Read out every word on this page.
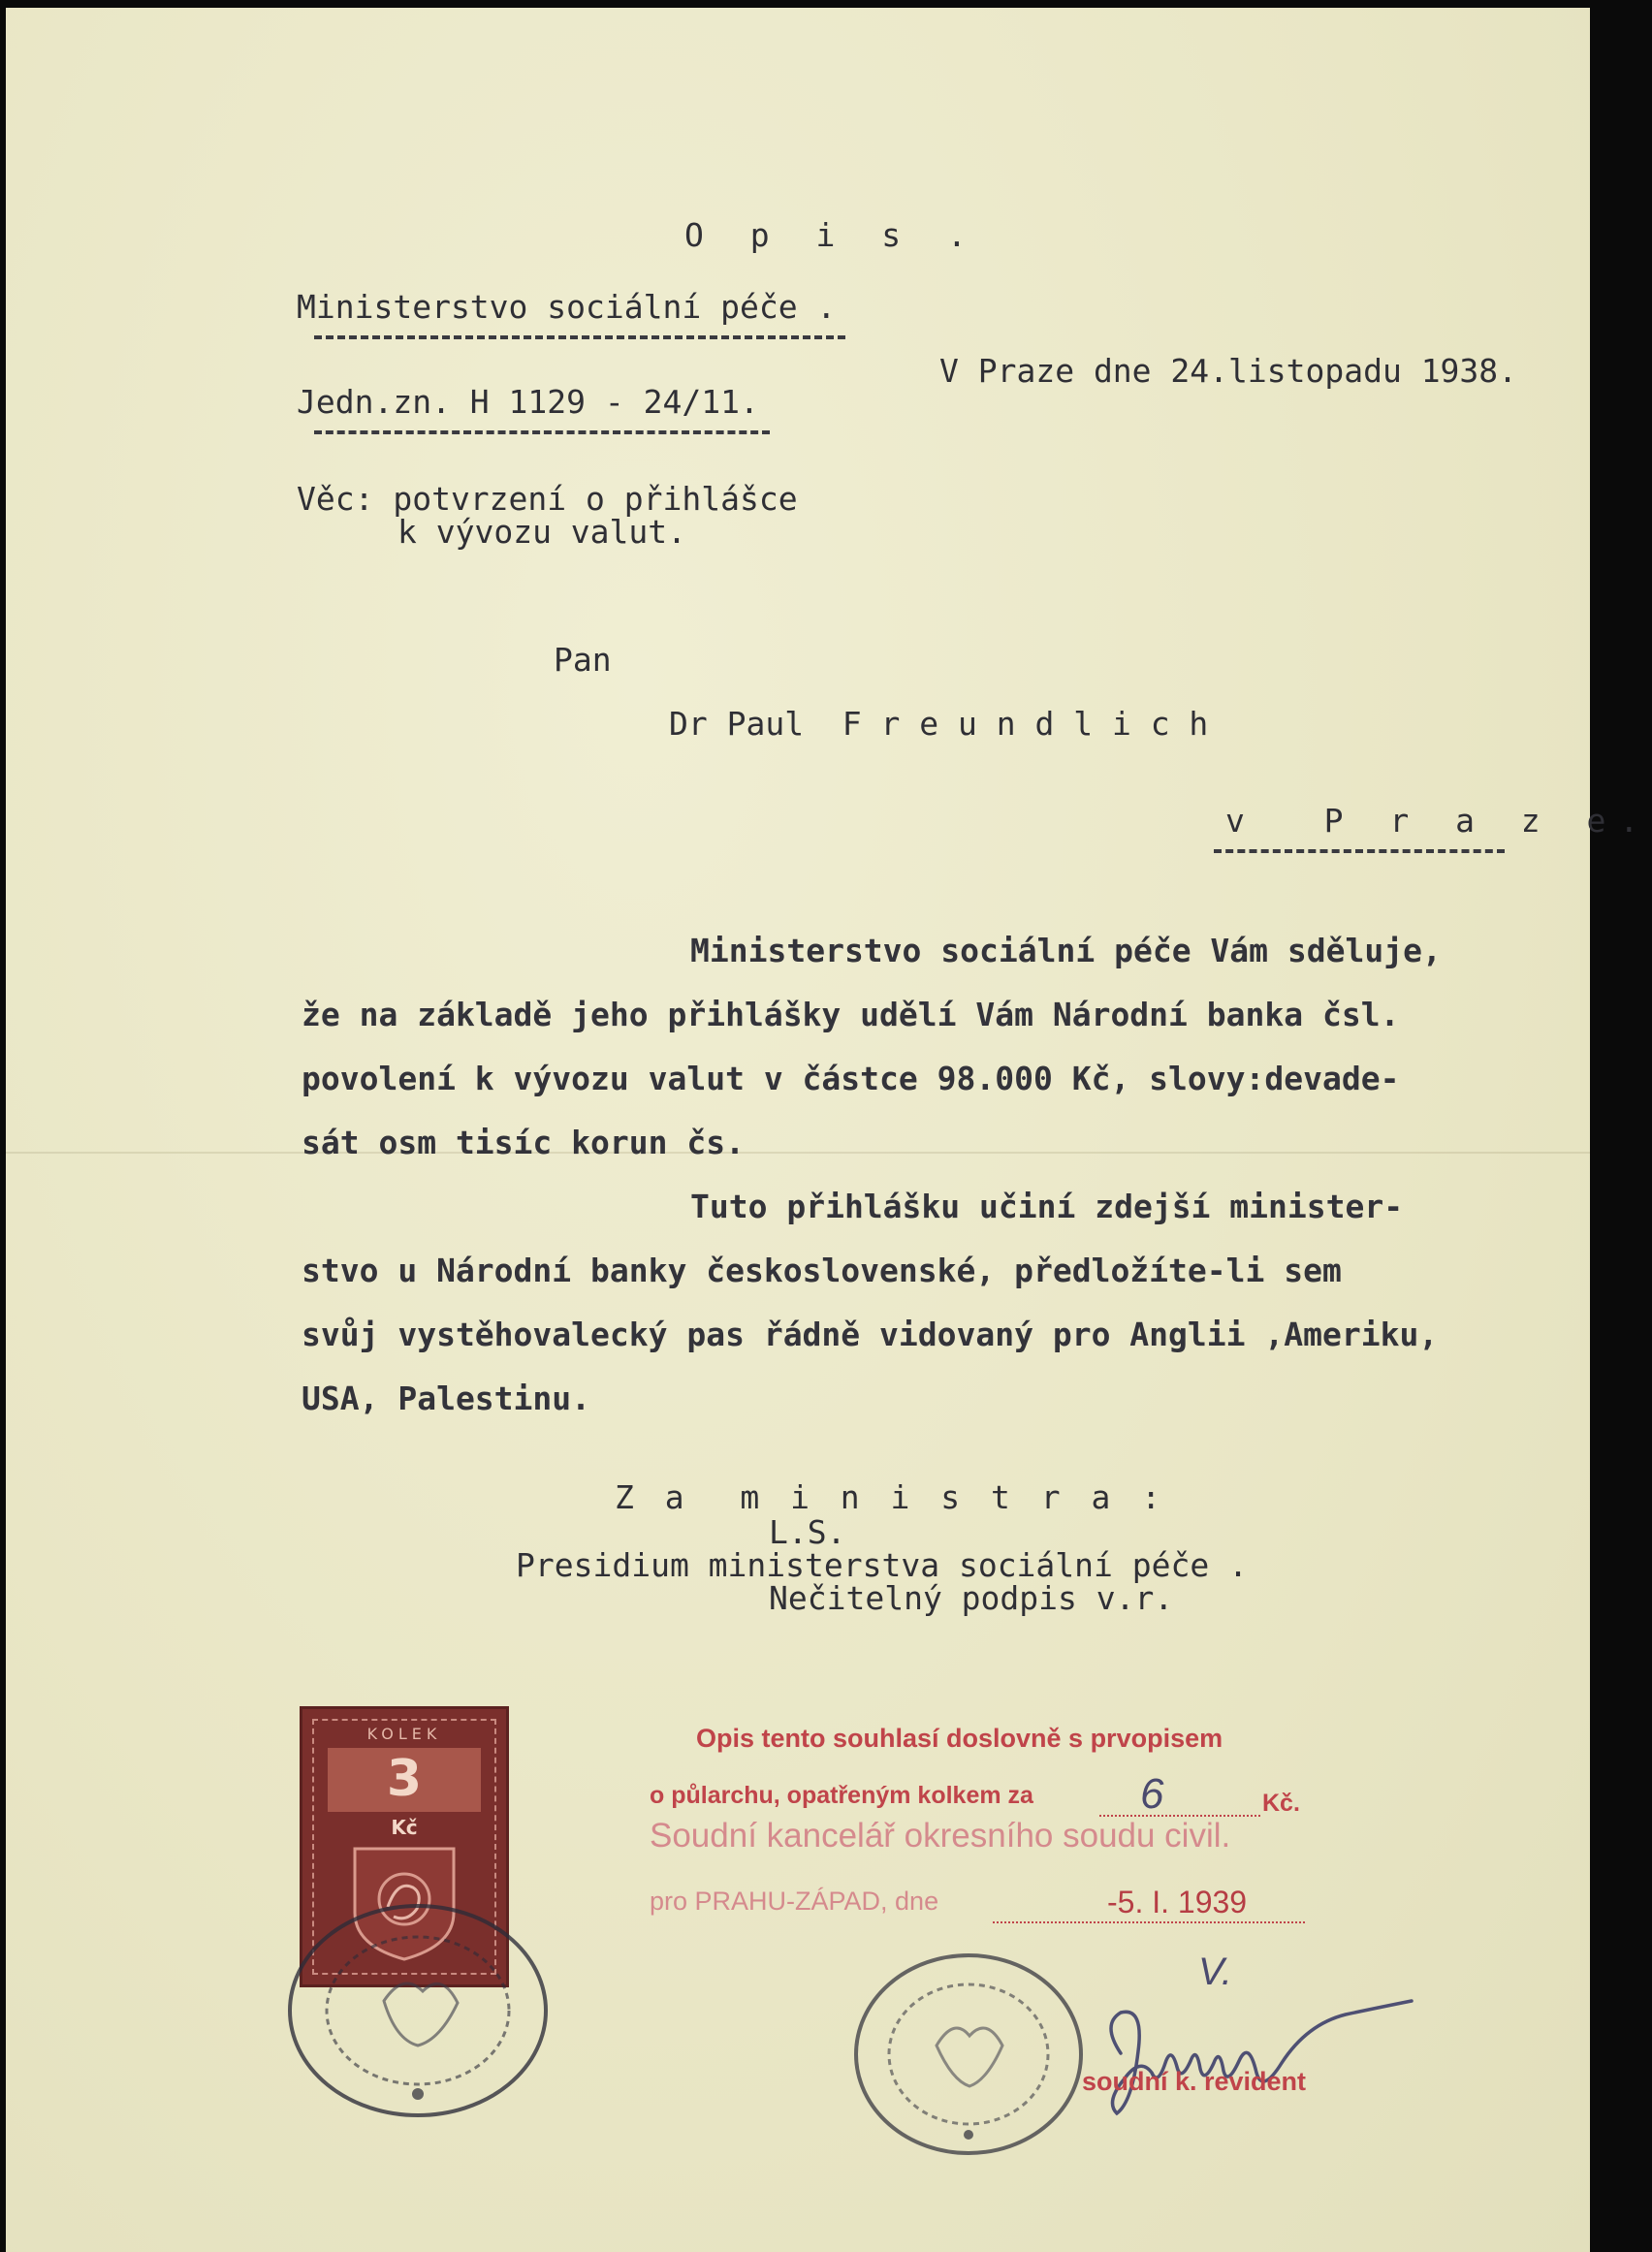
O p i s .
Ministerstvo sociální péče .
Jedn.zn. H 1129 - 24/11.
V Praze dne 24.listopadu 1938.
Věc: potvrzení o přihlášce
k vývozu valut.
Pan
Dr Paul  F r e u n d l i c h
v  P r a z e.
Ministerstvo sociální péče Vám sděluje,
že na základě jeho přihlášky udělí Vám Národní banka čsl.
povolení k vývozu valut v částce 98.000 Kč, slovy:devade-
sát osm tisíc korun čs.
Tuto přihlášku učiní zdejší minister-
stvo u Národní banky československé, předložíte-li sem
svůj vystěhovalecký pas řádně vidovaný pro Anglii ,Ameriku,
USA, Palestinu.
Z a  m i n i s t r a :
L.S.
Presidium ministerstva sociální péče .
Nečitelný podpis v.r.
KOLEK
3
Kč
Opis tento souhlasí doslovně s prvopisem
o půlarchu, opatřeným kolkem za	6	Kč.
Soudní kancelář okresního soudu civil.
pro PRAHU-ZÁPAD, dne	-5. I. 1939
V.
soudní k. revident
